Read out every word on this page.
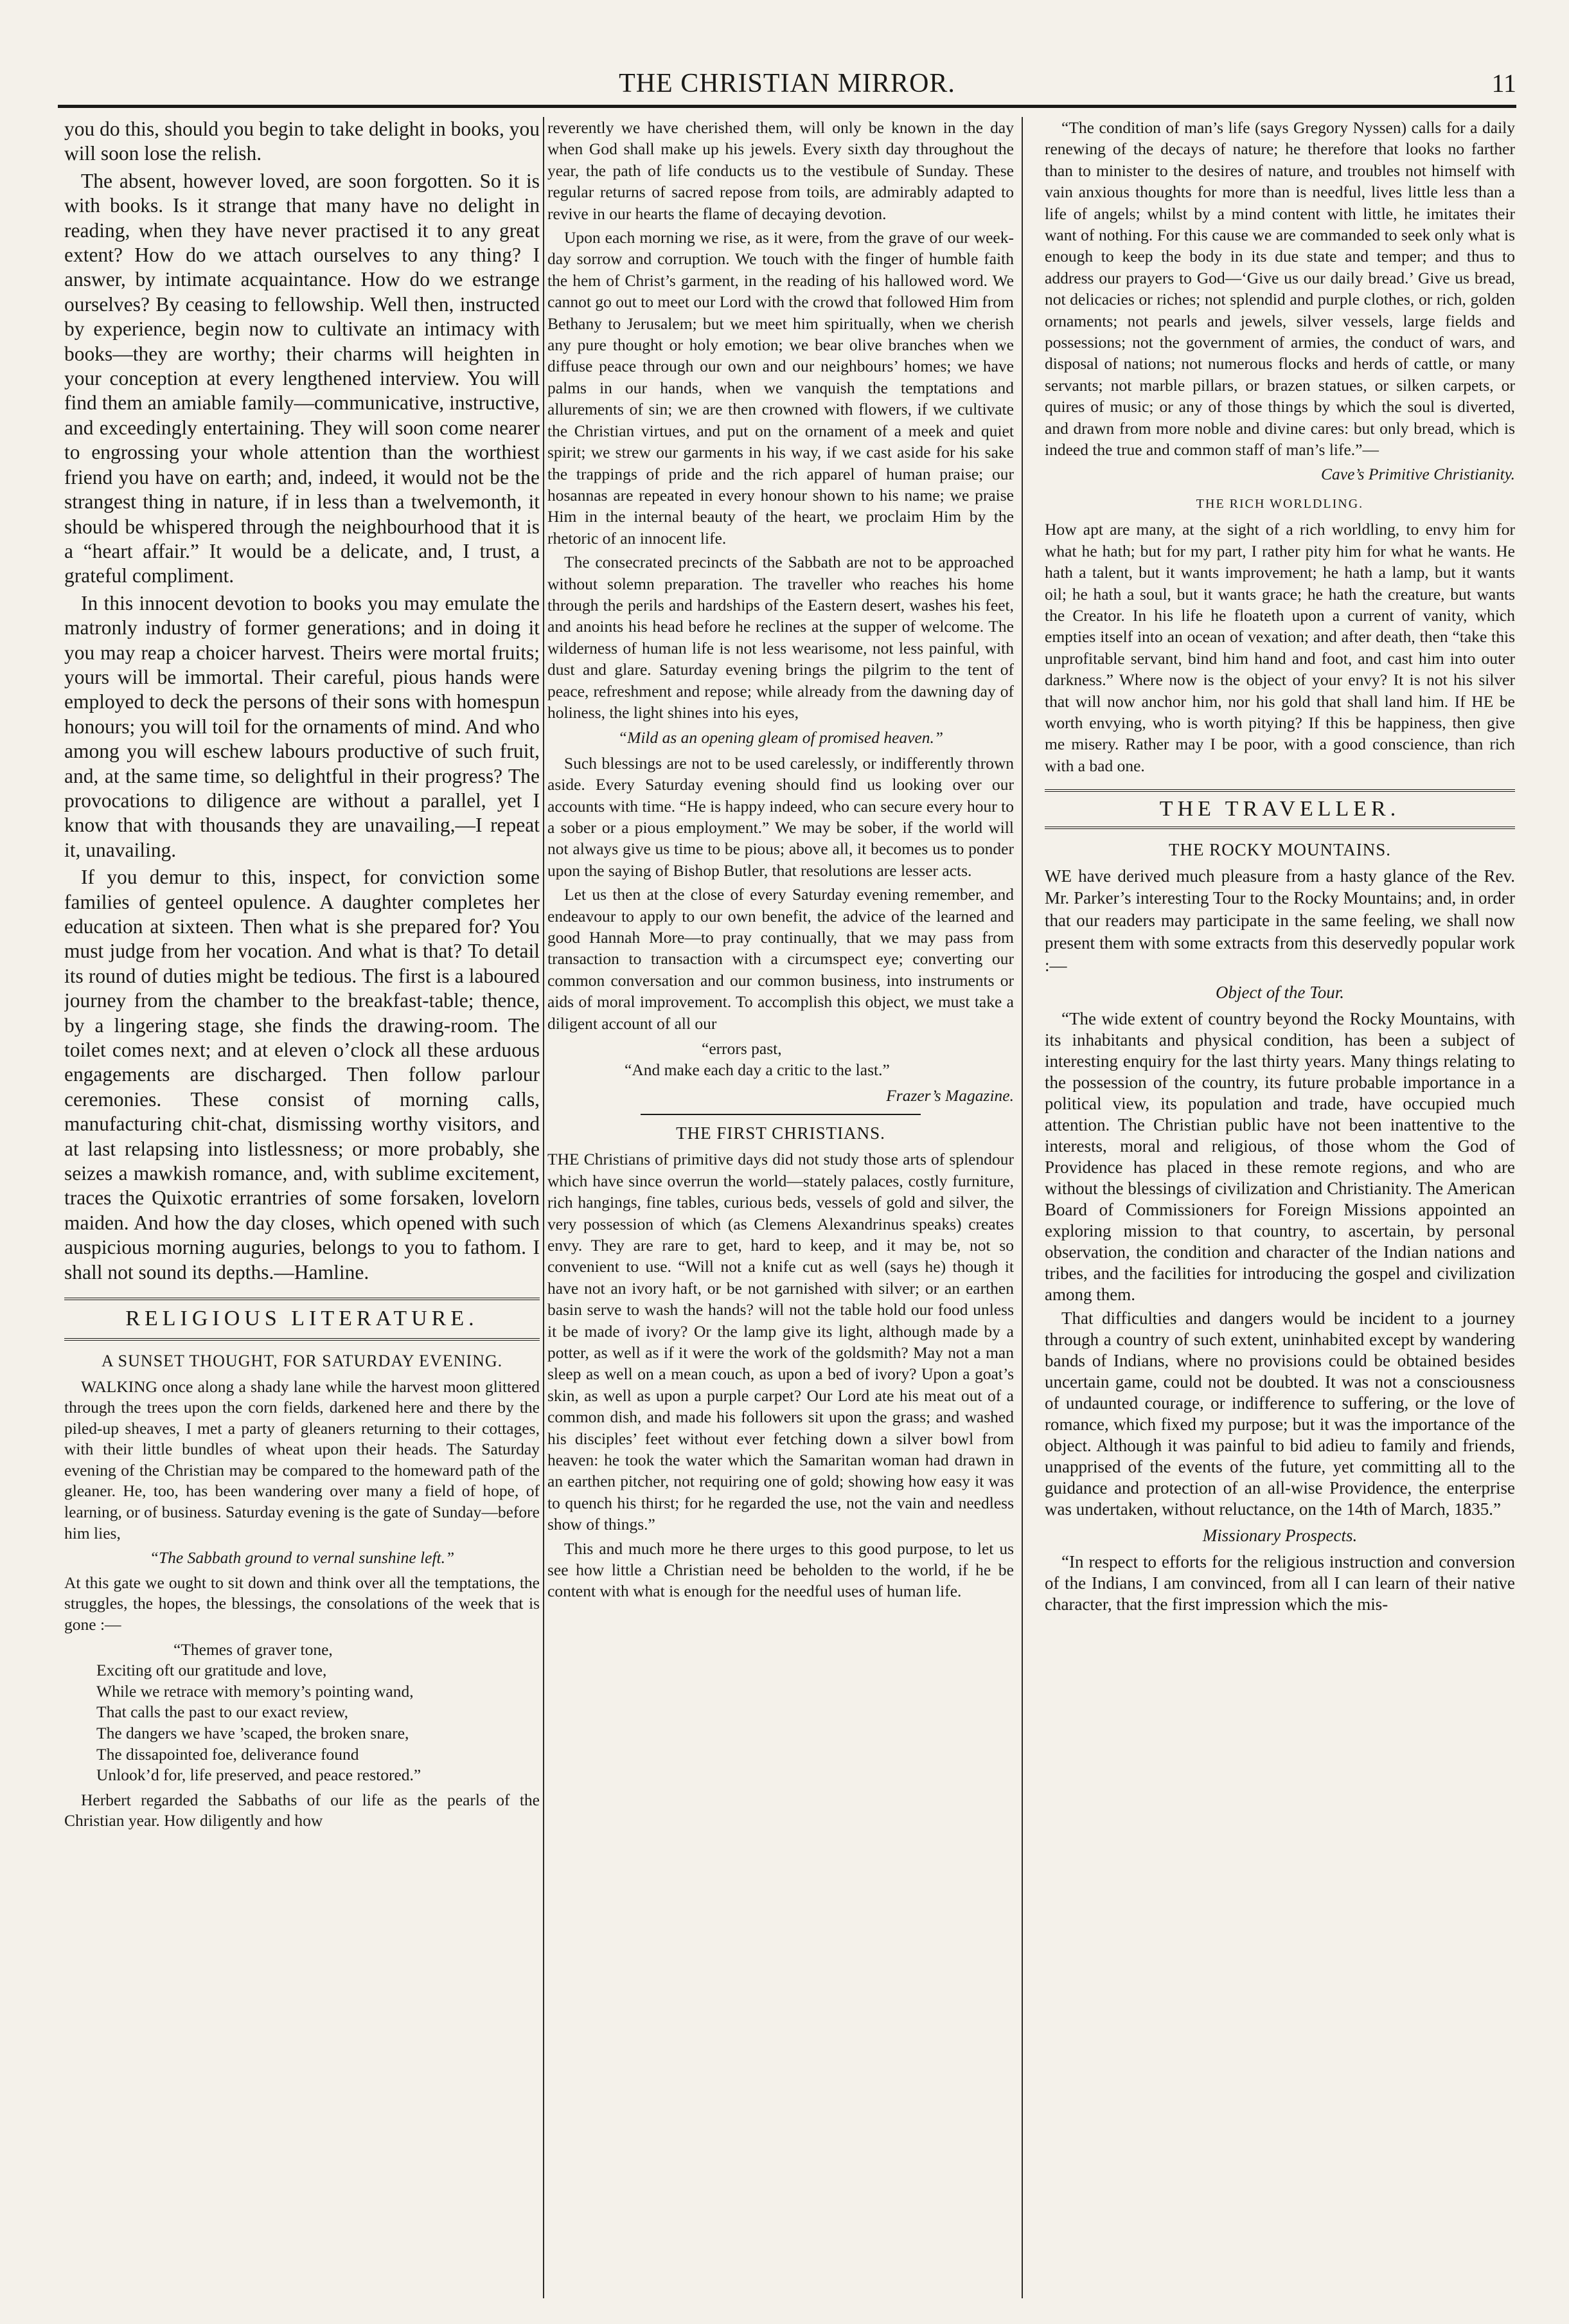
THE CHRISTIAN MIRROR.	11

you do this, should you begin to take delight in books, you will soon lose the relish.

The absent, however loved, are soon forgotten. So it is with books. Is it strange that many have no delight in reading, when they have never practised it to any great extent? How do we attach ourselves to any thing? I answer, by intimate acquaintance. How do we estrange ourselves? By ceasing to fellowship. Well then, instructed by experience, begin now to cultivate an intimacy with books—they are worthy; their charms will heighten in your conception at every lengthened interview. You will find them an amiable family—communicative, instructive, and exceedingly entertaining. They will soon come nearer to engrossing your whole attention than the worthiest friend you have on earth; and, indeed, it would not be the strangest thing in nature, if in less than a twelvemonth, it should be whispered through the neighbourhood that it is a “heart affair.” It would be a delicate, and, I trust, a grateful compliment.

In this innocent devotion to books you may emulate the matronly industry of former generations; and in doing it you may reap a choicer harvest. Theirs were mortal fruits; yours will be immortal. Their careful, pious hands were employed to deck the persons of their sons with homespun honours; you will toil for the ornaments of mind. And who among you will eschew labours productive of such fruit, and, at the same time, so delightful in their progress? The provocations to diligence are without a parallel, yet I know that with thousands they are unavailing,—I repeat it, unavailing.

If you demur to this, inspect, for conviction some families of genteel opulence. A daughter completes her education at sixteen. Then what is she prepared for? You must judge from her vocation. And what is that? To detail its round of duties might be tedious. The first is a laboured journey from the chamber to the breakfast-table; thence, by a lingering stage, she finds the drawing-room. The toilet comes next; and at eleven o’clock all these arduous engagements are discharged. Then follow parlour ceremonies. These consist of morning calls, manufacturing chit-chat, dismissing worthy visitors, and at last relapsing into listlessness; or more probably, she seizes a mawkish romance, and, with sublime excitement, traces the Quixotic errantries of some forsaken, lovelorn maiden. And how the day closes, which opened with such auspicious morning auguries, belongs to you to fathom. I shall not sound its depths.—Hamline.

RELIGIOUS LITERATURE.
A SUNSET THOUGHT, FOR SATURDAY EVENING.

WALKING once along a shady lane while the harvest moon glittered through the trees upon the corn fields, darkened here and there by the piled-up sheaves, I met a party of gleaners returning to their cottages, with their little bundles of wheat upon their heads. The Saturday evening of the Christian may be compared to the homeward path of the gleaner. He, too, has been wandering over many a field of hope, of learning, or of business. Saturday evening is the gate of Sunday—before him lies,

“The Sabbath ground to vernal sunshine left.”

At this gate we ought to sit down and think over all the temptations, the struggles, the hopes, the blessings, the consolations of the week that is gone :—

“Themes of graver tone,
Exciting oft our gratitude and love,
While we retrace with memory’s pointing wand,
That calls the past to our exact review,
The dangers we have ’scaped, the broken snare,
The dissapointed foe, deliverance found
Unlook’d for, life preserved, and peace restored.”

Herbert regarded the Sabbaths of our life as the pearls of the Christian year. How diligently and how

reverently we have cherished them, will only be known in the day when God shall make up his jewels. Every sixth day throughout the year, the path of life conducts us to the vestibule of Sunday. These regular returns of sacred repose from toils, are admirably adapted to revive in our hearts the flame of decaying devotion.

Upon each morning we rise, as it were, from the grave of our week-day sorrow and corruption. We touch with the finger of humble faith the hem of Christ’s garment, in the reading of his hallowed word. We cannot go out to meet our Lord with the crowd that followed Him from Bethany to Jerusalem; but we meet him spiritually, when we cherish any pure thought or holy emotion; we bear olive branches when we diffuse peace through our own and our neighbours’ homes; we have palms in our hands, when we vanquish the temptations and allurements of sin; we are then crowned with flowers, if we cultivate the Christian virtues, and put on the ornament of a meek and quiet spirit; we strew our garments in his way, if we cast aside for his sake the trappings of pride and the rich apparel of human praise; our hosannas are repeated in every honour shown to his name; we praise Him in the internal beauty of the heart, we proclaim Him by the rhetoric of an innocent life.

The consecrated precincts of the Sabbath are not to be approached without solemn preparation. The traveller who reaches his home through the perils and hardships of the Eastern desert, washes his feet, and anoints his head before he reclines at the supper of welcome. The wilderness of human life is not less wearisome, not less painful, with dust and glare. Saturday evening brings the pilgrim to the tent of peace, refreshment and repose; while already from the dawning day of holiness, the light shines into his eyes,

“Mild as an opening gleam of promised heaven.”

Such blessings are not to be used carelessly, or indifferently thrown aside. Every Saturday evening should find us looking over our accounts with time. “He is happy indeed, who can secure every hour to a sober or a pious employment.” We may be sober, if the world will not always give us time to be pious; above all, it becomes us to ponder upon the saying of Bishop Butler, that resolutions are lesser acts.

Let us then at the close of every Saturday evening remember, and endeavour to apply to our own benefit, the advice of the learned and good Hannah More—to pray continually, that we may pass from transaction to transaction with a circumspect eye; converting our common conversation and our common business, into instruments or aids of moral improvement. To accomplish this object, we must take a diligent account of all our

“errors past,
“And make each day a critic to the last.”

Frazer’s Magazine.

THE FIRST CHRISTIANS.

THE Christians of primitive days did not study those arts of splendour which have since overrun the world—stately palaces, costly furniture, rich hangings, fine tables, curious beds, vessels of gold and silver, the very possession of which (as Clemens Alexandrinus speaks) creates envy. They are rare to get, hard to keep, and it may be, not so convenient to use. “Will not a knife cut as well (says he) though it have not an ivory haft, or be not garnished with silver; or an earthen basin serve to wash the hands? will not the table hold our food unless it be made of ivory? Or the lamp give its light, although made by a potter, as well as if it were the work of the goldsmith? May not a man sleep as well on a mean couch, as upon a bed of ivory? Upon a goat’s skin, as well as upon a purple carpet? Our Lord ate his meat out of a common dish, and made his followers sit upon the grass; and washed his disciples’ feet without ever fetching down a silver bowl from heaven: he took the water which the Samaritan woman had drawn in an earthen pitcher, not requiring one of gold; showing how easy it was to quench his thirst; for he regarded the use, not the vain and needless show of things.”

This and much more he there urges to this good purpose, to let us see how little a Christian need be beholden to the world, if he be content with what is enough for the needful uses of human life.

“The condition of man’s life (says Gregory Nyssen) calls for a daily renewing of the decays of nature; he therefore that looks no farther than to minister to the desires of nature, and troubles not himself with vain anxious thoughts for more than is needful, lives little less than a life of angels; whilst by a mind content with little, he imitates their want of nothing. For this cause we are commanded to seek only what is enough to keep the body in its due state and temper; and thus to address our prayers to God—‘Give us our daily bread.’ Give us bread, not delicacies or riches; not splendid and purple clothes, or rich, golden ornaments; not pearls and jewels, silver vessels, large fields and possessions; not the government of armies, the conduct of wars, and disposal of nations; not numerous flocks and herds of cattle, or many servants; not marble pillars, or brazen statues, or silken carpets, or quires of music; or any of those things by which the soul is diverted, and drawn from more noble and divine cares: but only bread, which is indeed the true and common staff of man’s life.”—

Cave’s Primitive Christianity.

THE RICH WORLDLING.

How apt are many, at the sight of a rich worldling, to envy him for what he hath; but for my part, I rather pity him for what he wants. He hath a talent, but it wants improvement; he hath a lamp, but it wants oil; he hath a soul, but it wants grace; he hath the creature, but wants the Creator. In his life he floateth upon a current of vanity, which empties itself into an ocean of vexation; and after death, then “take this unprofitable servant, bind him hand and foot, and cast him into outer darkness.” Where now is the object of your envy? It is not his silver that will now anchor him, nor his gold that shall land him. If HE be worth envying, who is worth pitying? If this be happiness, then give me misery. Rather may I be poor, with a good conscience, than rich with a bad one.

THE TRAVELLER.
THE ROCKY MOUNTAINS.

WE have derived much pleasure from a hasty glance of the Rev. Mr. Parker’s interesting Tour to the Rocky Mountains; and, in order that our readers may participate in the same feeling, we shall now present them with some extracts from this deservedly popular work :—

Object of the Tour.

“The wide extent of country beyond the Rocky Mountains, with its inhabitants and physical condition, has been a subject of interesting enquiry for the last thirty years. Many things relating to the possession of the country, its future probable importance in a political view, its population and trade, have occupied much attention. The Christian public have not been inattentive to the interests, moral and religious, of those whom the God of Providence has placed in these remote regions, and who are without the blessings of civilization and Christianity. The American Board of Commissioners for Foreign Missions appointed an exploring mission to that country, to ascertain, by personal observation, the condition and character of the Indian nations and tribes, and the facilities for introducing the gospel and civilization among them.

That difficulties and dangers would be incident to a journey through a country of such extent, uninhabited except by wandering bands of Indians, where no provisions could be obtained besides uncertain game, could not be doubted. It was not a consciousness of undaunted courage, or indifference to suffering, or the love of romance, which fixed my purpose; but it was the importance of the object. Although it was painful to bid adieu to family and friends, unapprised of the events of the future, yet committing all to the guidance and protection of an all-wise Providence, the enterprise was undertaken, without reluctance, on the 14th of March, 1835.”

Missionary Prospects.

“In respect to efforts for the religious instruction and conversion of the Indians, I am convinced, from all I can learn of their native character, that the first impression which the mis-
